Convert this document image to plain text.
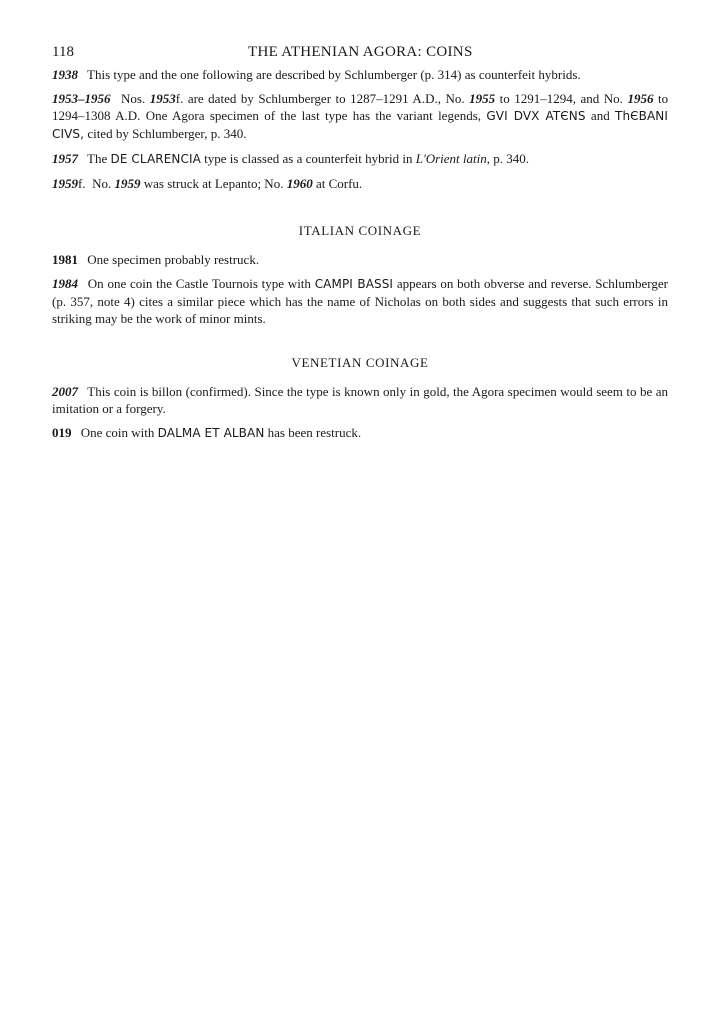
118	THE ATHENIAN AGORA: COINS

1938 This type and the one following are described by Schlumberger (p. 314) as counterfeit hybrids.

1953–1956 Nos. 1953f. are dated by Schlumberger to 1287–1291 A.D., No. 1955 to 1291–1294, and No. 1956 to 1294–1308 A.D. One Agora specimen of the last type has the variant legends, GVI DVX ATЄNS and ThЄBANI CIVS, cited by Schlumberger, p. 340.

1957 The DE CLARENCIA type is classed as a counterfeit hybrid in L'Orient latin, p. 340.

1959f. No. 1959 was struck at Lepanto; No. 1960 at Corfu.

ITALIAN COINAGE

1981 One specimen probably restruck.

1984 On one coin the Castle Tournois type with CAMPI BASSI appears on both obverse and reverse. Schlumberger (p. 357, note 4) cites a similar piece which has the name of Nicholas on both sides and suggests that such errors in striking may be the work of minor mints.

VENETIAN COINAGE

2007 This coin is billon (confirmed). Since the type is known only in gold, the Agora specimen would seem to be an imitation or a forgery.

019 One coin with DALMA ET ALBAN has been restruck.
